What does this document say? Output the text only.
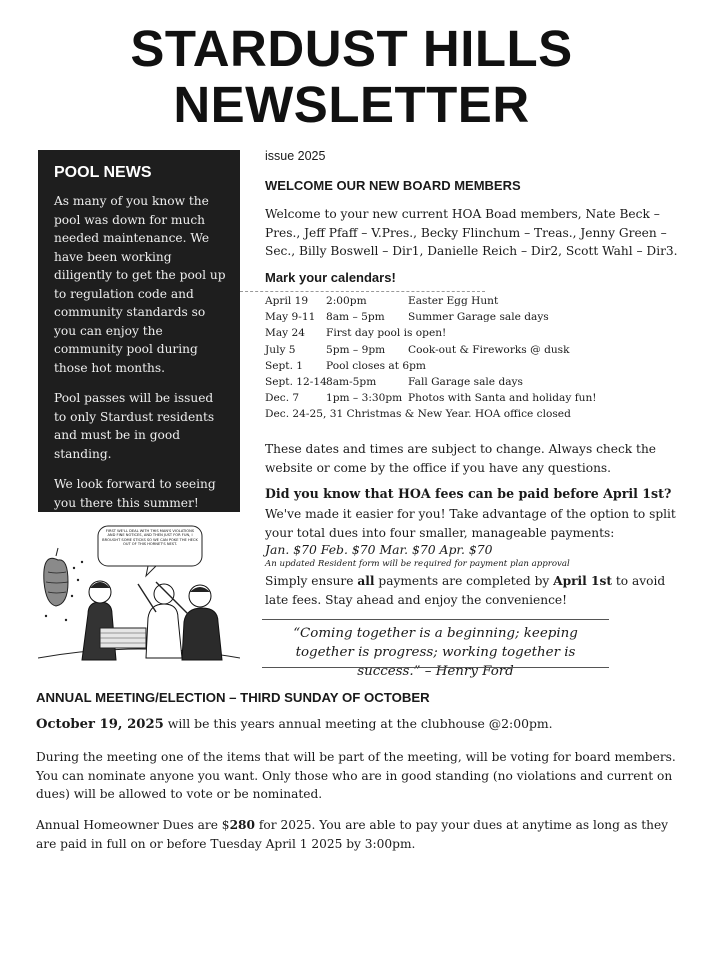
STARDUST HILLS
NEWSLETTER
POOL NEWS

As many of you know the pool was down for much needed maintenance. We have been working diligently to get the pool up to regulation code and community standards so you can enjoy the community pool during those hot months.

Pool passes will be issued to only Stardust residents and must be in good standing.

We look forward to seeing you there this summer!

FIRST WE'LL DEAL WITH THIS MAN'S VIOLATIONS AND FINE NOTICES, AND THEN JUST FOR FUN, I BROUGHT SOME STICKS SO WE CAN POKE THE HECK OUT OF THIS HORNET'S NEST.
issue 2025
WELCOME OUR NEW BOARD MEMBERS
Welcome to your new current HOA Boad members, Nate Beck – Pres., Jeff Pfaff – V.Pres., Becky Flinchum – Treas., Jenny Green – Sec., Billy Boswell – Dir1, Danielle Reich – Dir2, Scott Wahl – Dir3.
Mark your calendars!
April 19 2:00pm	Easter Egg Hunt
May 9-11 8am – 5pm Summer Garage sale days
May 24 First day pool is open!
July 5	5pm – 9pm Cook-out & Fireworks @ dusk
Sept. 1 Pool closes at 6pm
Sept. 12-14 8am-5pm	Fall Garage sale days
Dec. 7	1pm – 3:30pm Photos with Santa and holiday fun!
Dec. 24-25, 31 Christmas & New Year. HOA office closed
These dates and times are subject to change. Always check the website or come by the office if you have any questions.
Did you know that HOA fees can be paid before April 1st?
We've made it easier for you! Take advantage of the option to split your total dues into four smaller, manageable payments:
Jan. $70 Feb. $70 Mar. $70 Apr. $70
An updated Resident form will be required for payment plan approval
Simply ensure all payments are completed by April 1st to avoid late fees. Stay ahead and enjoy the convenience!
“Coming together is a beginning; keeping together is progress; working together is success.” – Henry Ford
ANNUAL MEETING/ELECTION – THIRD SUNDAY OF OCTOBER
October 19, 2025 will be this years annual meeting at the clubhouse @2:00pm.
During the meeting one of the items that will be part of the meeting, will be voting for board members. You can nominate anyone you want. Only those who are in good standing (no violations and current on dues) will be allowed to vote or be nominated.
Annual Homeowner Dues are $280 for 2025. You are able to pay your dues at anytime as long as they are paid in full on or before Tuesday April 1 2025 by 3:00pm.
